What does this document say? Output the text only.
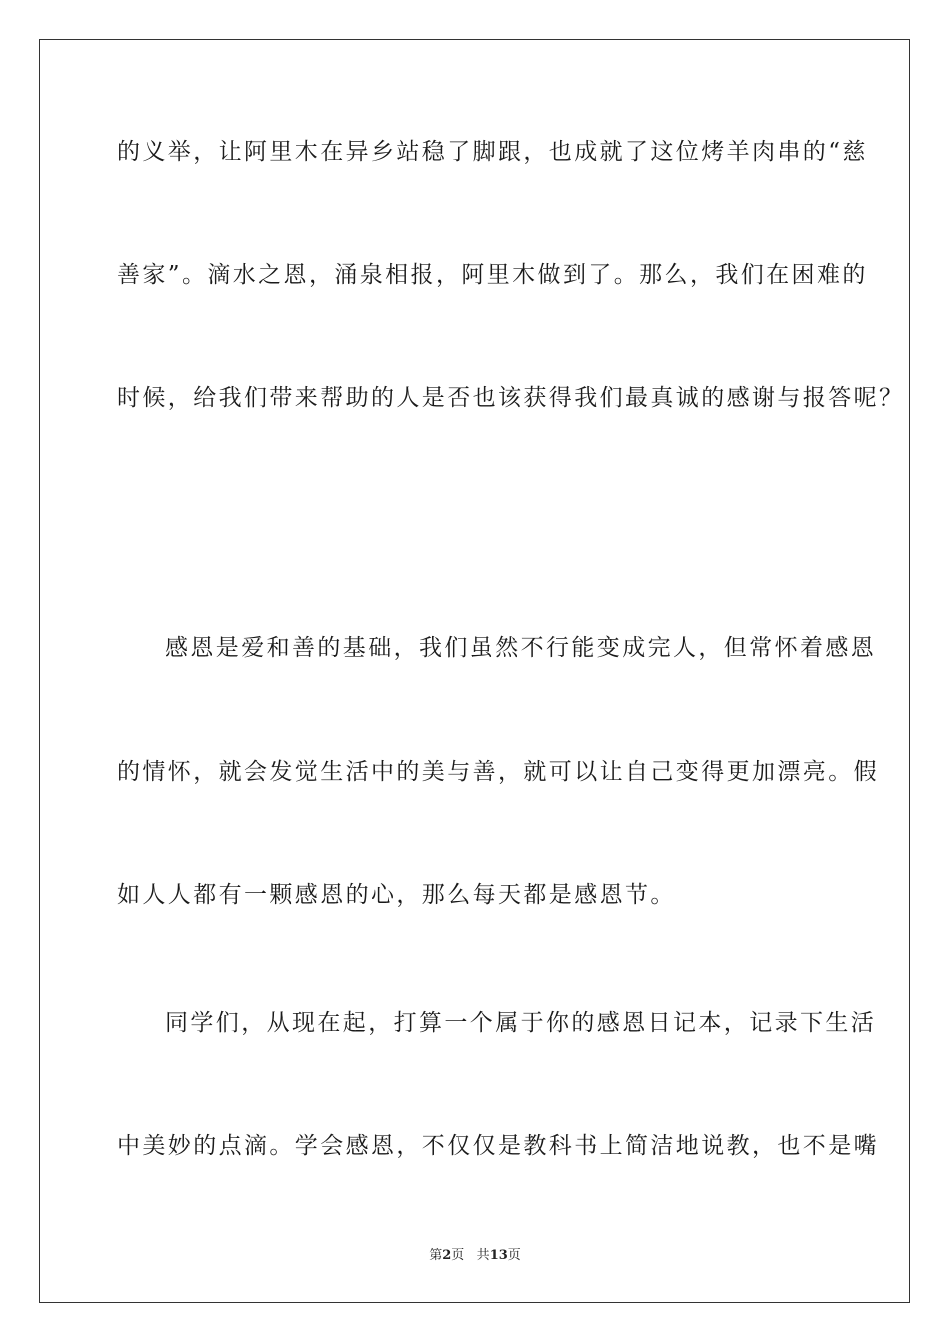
的义举，让阿里木在异乡站稳了脚跟，也成就了这位烤羊肉串的“慈
善家”。滴水之恩，涌泉相报，阿里木做到了。那么，我们在困难的
时候，给我们带来帮助的人是否也该获得我们最真诚的感谢与报答呢？
感恩是爱和善的基础，我们虽然不行能变成完人，但常怀着感恩
的情怀，就会发觉生活中的美与善，就可以让自己变得更加漂亮。假
如人人都有一颗感恩的心，那么每天都是感恩节。
同学们，从现在起，打算一个属于你的感恩日记本，记录下生活
中美妙的点滴。学会感恩，不仅仅是教科书上简洁地说教，也不是嘴
第2页 共13页
